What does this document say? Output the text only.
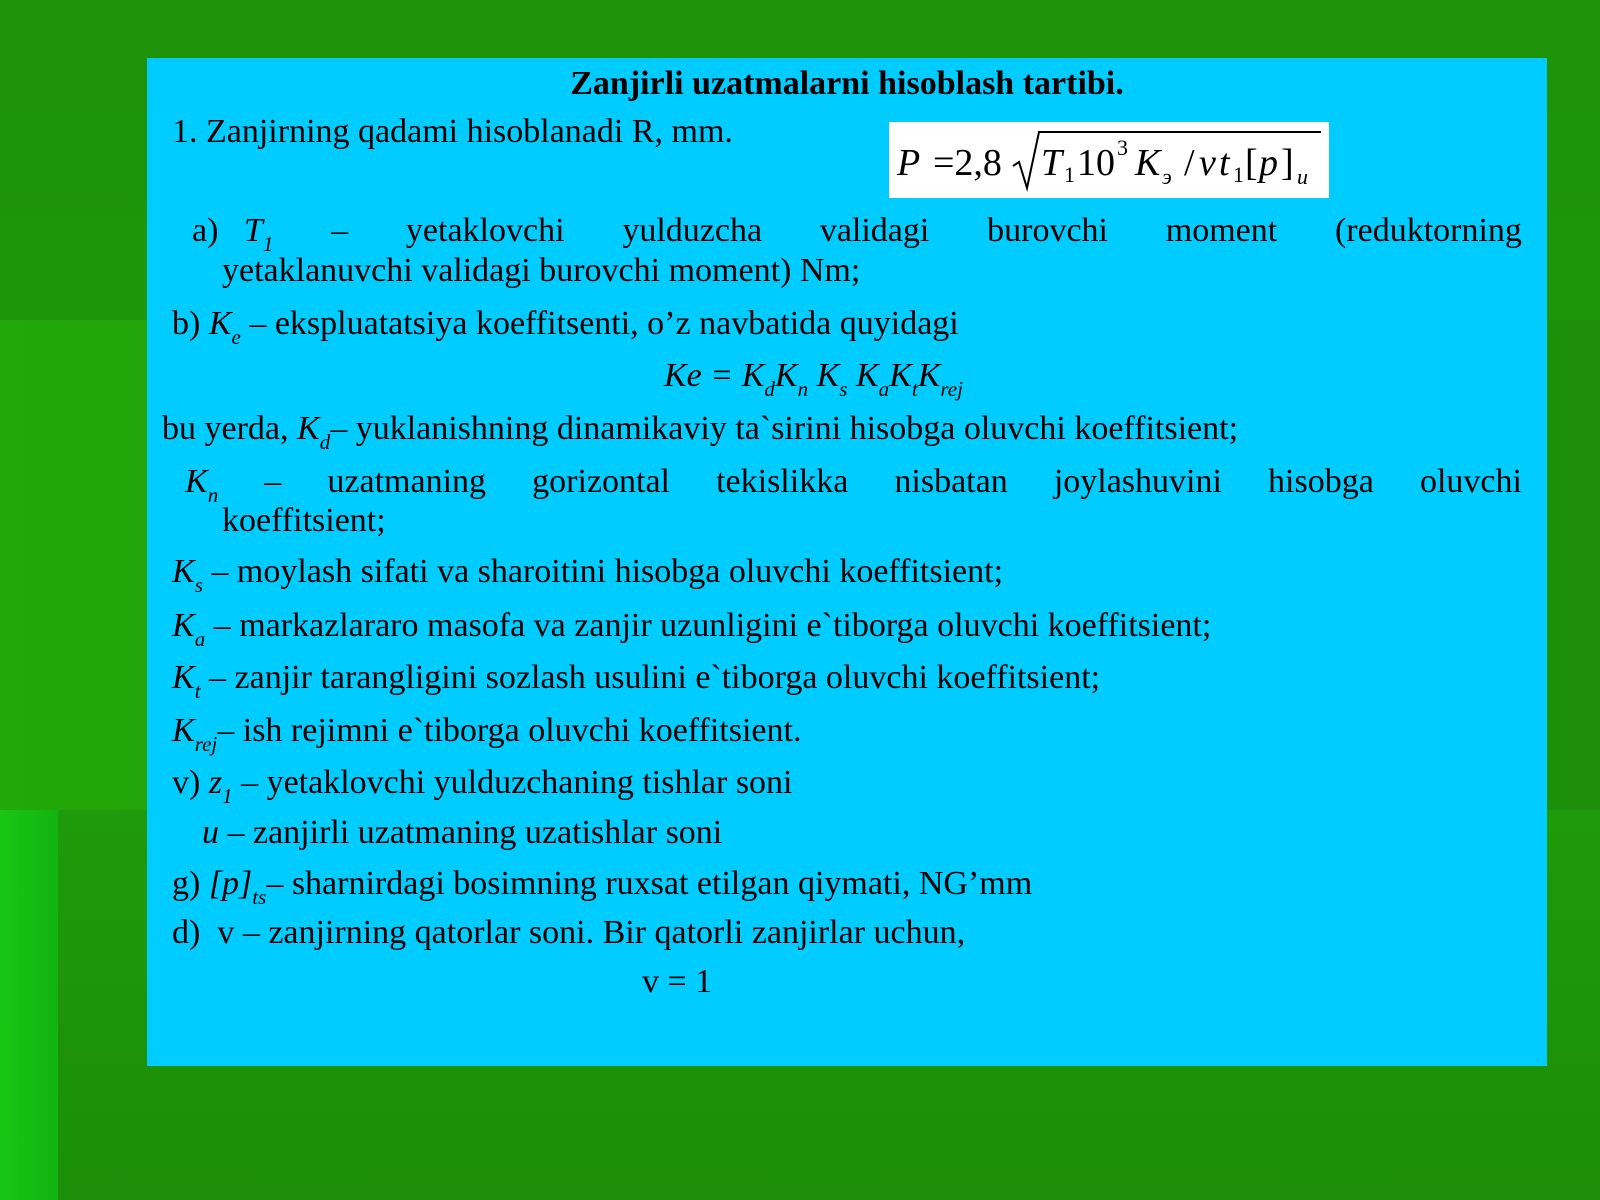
Zanjirli uzatmalarni hisoblash tartibi.
1. Zanjirning qadami hisoblanadi R, mm.
P =2,8 T 1 10 3 K э / v t 1 [ p ] u
a) $T_1$ – yetaklovchi yulduzcha validagi burovchi moment (reduktorning
yetaklanuvchi validagi burovchi moment) Nm;
b) $K_e$ – ekspluatatsiya koeffitsenti, o’z navbatida quyidagi
$Ke = K_dK_n$ $K_s$ $K_aK_tK_{rej}$
bu yerda, $K_d-$ yuklanishning dinamikaviy ta`sirini hisobga oluvchi koeffitsient;
$K_n$ – uzatmaning gorizontal tekislikka nisbatan joylashuvini hisobga oluvchi
koeffitsient;
$K_s$ – moylash sifati va sharoitini hisobga oluvchi koeffitsient;
$K_a$ – markazlararo masofa va zanjir uzunligini e`tiborga oluvchi koeffitsient;
$K_t$ – zanjir tarangligini sozlash usulini e`tiborga oluvchi koeffitsient;
$K_{rej}-$ ish rejimni e`tiborga oluvchi koeffitsient.
v) $z_1$ – yetaklovchi yulduzchaning tishlar soni
u – zanjirli uzatmaning uzatishlar soni
g) $[p]_{ts}-$ sharnirdagi bosimning ruxsat etilgan qiymati, NG’mm
d) v – zanjirning qatorlar soni. Bir qatorli zanjirlar uchun,
v = 1
